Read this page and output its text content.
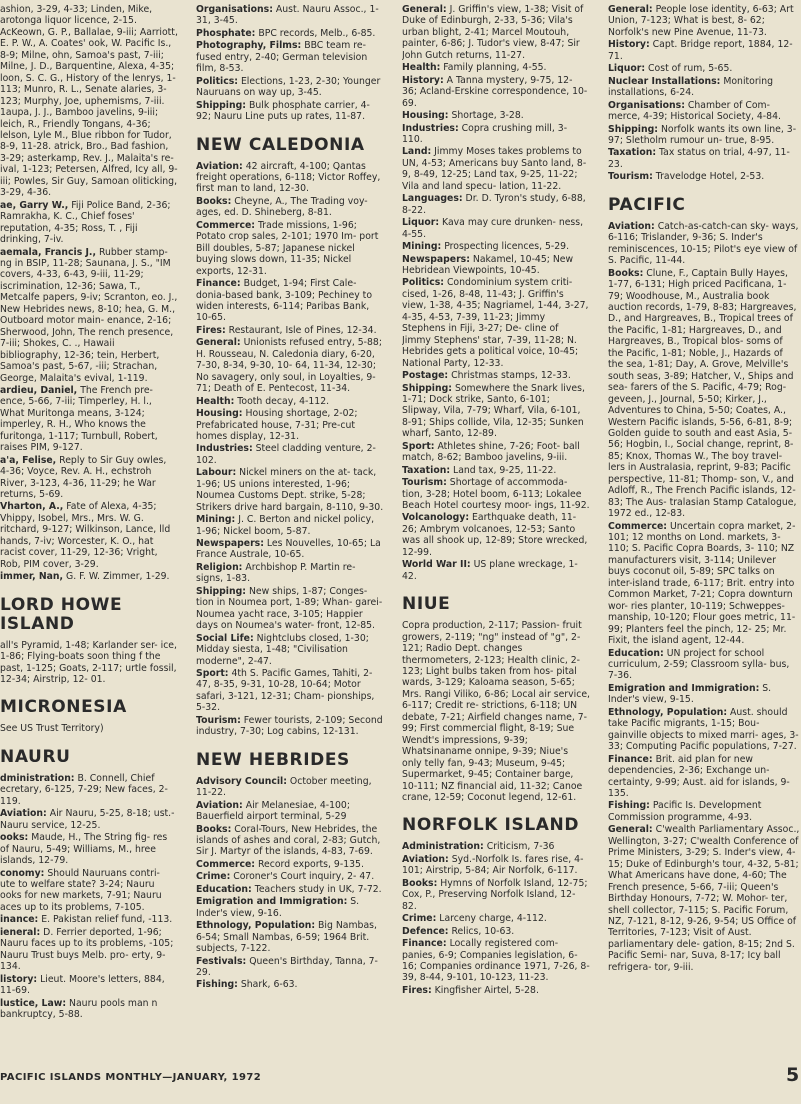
ashion, 3-29, 4-33; Linden, Mike, arotonga liquor licence, 2-15. AcKeown, G. P., Ballalae, 9-iii; Aarriott, E. P. W., A. Coates' ook, W. Pacific Is., 8-9; Milne, ohn, Samoa's past, 7-iii; Milne, J. D., Barquentine, Alexa, 4-35; loon, S. C. G., History of the lenrys, 1-113; Munro, R. L., Senate alaries, 3-123; Murphy, Joe, uphemisms, 7-iii. 1aupa, J. J., Bamboo javelins, 9-iii; leich, R., Friendly Tongans, 4-36; lelson, Lyle M., Blue ribbon for Tudor, 8-9, 11-28. atrick, Bro., Bad fashion, 3-29; asterkamp, Rev. J., Malaita's re- ival, 1-123; Petersen, Alfred, Icy all, 9-iii; Powles, Sir Guy, Samoan oliticking, 3-29, 4-36.

ae, Garry W., Fiji Police Band, 2-36; Ramrakha, K. C., Chief foses' reputation, 4-35; Ross, T. , Fiji drinking, 7-iv.

aemala, Francis J., Rubber stamp- ng in BSIP, 11-28; Saunana, J. S., "IM covers, 4-33, 6-43, 9-iii, 11-29; iscrimination, 12-36; Sawa, T., Metcalfe papers, 9-iv; Scranton, eo. J., New Hebrides news, 8-10; hea, G. M., Outboard motor main- enance, 2-16; Sherwood, John, The rench presence, 7-iii; Shokes, C. ., Hawaii bibliography, 12-36; tein, Herbert, Samoa's past, 5-67, -iii; Strachan, George, Malaita's evival, 1-119.

ardieu, Daniel, The French pre- ence, 5-66, 7-iii; Timperley, H. l., What Muritonga means, 3-124; imperley, R. H., Who knows the furitonga, 1-117; Turnbull, Robert, raises PIM, 9-127.

a'a, Felise, Reply to Sir Guy owles, 4-36; Voyce, Rev. A. H., echstroh River, 3-123, 4-36, 11-29; he War returns, 5-69.

Vharton, A., Fate of Alexa, 4-35; Vhippy, Isobel, Mrs., Mrs. W. G. ritchard, 9-127; Wilkinson, Lance, lld hands, 7-iv; Worcester, K. O., hat racist cover, 11-29, 12-36; Vright, Rob, PIM cover, 3-29.

immer, Nan, G. F. W. Zimmer, 1-29.

LORD HOWE ISLAND

all's Pyramid, 1-48; Karlander ser- ice, 1-86; Flying-boats soon thing f the past, 1-125; Goats, 2-117; urtle fossil, 12-34; Airstrip, 12- 01.

MICRONESIA

See US Trust Territory)

NAURU

dministration: B. Connell, Chief ecretary, 6-125, 7-29; New faces, 2-119.

Aviation: Air Nauru, 5-25, 8-18; ust.-Nauru service, 12-25.

ooks: Maude, H., The String fig- res of Nauru, 5-49; Williams, M., hree islands, 12-79.

conomy: Should Nauruans contri- ute to welfare state? 3-24; Nauru ooks for new markets, 7-91; Nauru aces up to its problems, 7-105.

inance: E. Pakistan relief fund, -113.

ieneral: D. Ferrier deported, 1-96; Nauru faces up to its problems, -105; Nauru Trust buys Melb. pro- erty, 9-134.

listory: Lieut. Moore's letters, 884, 11-69.

lustice, Law: Nauru pools man n bankruptcy, 5-88.

Organisations: Aust. Nauru Assoc., 1-31, 3-45.

Phosphate: BPC records, Melb., 6-85.

Photography, Films: BBC team re- fused entry, 2-40; German television film, 8-53.

Politics: Elections, 1-23, 2-30; Younger Nauruans on way up, 3-45.

Shipping: Bulk phosphate carrier, 4-92; Nauru Line puts up rates, 11-87.

NEW CALEDONIA

Aviation: 42 aircraft, 4-100; Qantas freight operations, 6-118; Victor Roffey, first man to land, 12-30.

Books: Cheyne, A., The Trading voy- ages, ed. D. Shineberg, 8-81.

Commerce: Trade missions, 1-96; Potato crop sales, 2-101; 1970 Im- port Bill doubles, 5-87; Japanese nickel buying slows down, 11-35; Nickel exports, 12-31.

Finance: Budget, 1-94; First Cale- donia-based bank, 3-109; Pechiney to widen interests, 6-114; Paribas Bank, 10-65.

Fires: Restaurant, Isle of Pines, 12-34.

General: Unionists refused entry, 5-88; H. Rousseau, N. Caledonia diary, 6-20, 7-30, 8-34, 9-30, 10- 64, 11-34, 12-30; No savagery, only soul, in Loyalties, 9-71; Death of E. Pentecost, 11-34.

Health: Tooth decay, 4-112.

Housing: Housing shortage, 2-02; Prefabricated house, 7-31; Pre-cut homes display, 12-31.

Industries: Steel cladding venture, 2-102.

Labour: Nickel miners on the at- tack, 1-96; US unions interested, 1-96; Noumea Customs Dept. strike, 5-28; Strikers drive hard bargain, 8-110, 9-30.

Mining: J. C. Berton and nickel policy, 1-96; Nickel boom, 5-87.

Newspapers: Les Nouvelles, 10-65; La France Australe, 10-65.

Religion: Archbishop P. Martin re- signs, 1-83.

Shipping: New ships, 1-87; Conges- tion in Noumea port, 1-89; Whan- garei-Noumea yacht race, 3-105; Happier days on Noumea's water- front, 12-85.

Social Life: Nightclubs closed, 1-30; Midday siesta, 1-48; "Civilisation moderne", 2-47.

Sport: 4th S. Pacific Games, Tahiti, 2-47, 8-35, 9-31, 10-28, 10-64; Motor safari, 3-121, 12-31; Cham- pionships, 5-32.

Tourism: Fewer tourists, 2-109; Second industry, 7-30; Log cabins, 12-131.

NEW HEBRIDES

Advisory Council: October meeting, 11-22.

Aviation: Air Melanesiae, 4-100; Bauerfield airport terminal, 5-29

Books: Coral-Tours, New Hebrides, the islands of ashes and coral, 2-83; Gutch, Sir J. Martyr of the islands, 4-83, 7-69.

Commerce: Record exports, 9-135.

Crime: Coroner's Court inquiry, 2- 47.

Education: Teachers study in UK, 7-72.

Emigration and Immigration: S. Inder's view, 9-16.

Ethnology, Population: Big Nambas, 6-54; Small Nambas, 6-59; 1964 Brit. subjects, 7-122.

Festivals: Queen's Birthday, Tanna, 7-29.

Fishing: Shark, 6-63.

General: J. Griffin's view, 1-38; Visit of Duke of Edinburgh, 2-33, 5-36; Vila's urban blight, 2-41; Marcel Moutouh, painter, 6-86; J. Tudor's view, 8-47; Sir John Gutch returns, 11-27.

Health: Family planning, 4-55.

History: A Tanna mystery, 9-75, 12- 36; Acland-Erskine correspondence, 10-69.

Housing: Shortage, 3-28.

Industries: Copra crushing mill, 3- 110.

Land: Jimmy Moses takes problems to UN, 4-53; Americans buy Santo land, 8-9, 8-49, 12-25; Land tax, 9-25, 11-22; Vila and land specu- lation, 11-22.

Languages: Dr. D. Tyron's study, 6-88, 8-22.

Liquor: Kava may cure drunken- ness, 4-55.

Mining: Prospecting licences, 5-29.

Newspapers: Nakamel, 10-45; New Hebridean Viewpoints, 10-45.

Politics: Condominium system criti- cised, 1-26, 8-48, 11-43; J. Griffin's view, 1-38, 4-35; Nagriamel, 1-44, 3-27, 4-35, 4-53, 7-39, 11-23; Jimmy Stephens in Fiji, 3-27; De- cline of Jimmy Stephens' star, 7-39, 11-28; N. Hebrides gets a political voice, 10-45; National Party, 12-33.

Postage: Christmas stamps, 12-33.

Shipping: Somewhere the Snark lives, 1-71; Dock strike, Santo, 6-101; Slipway, Vila, 7-79; Wharf, Vila, 6-101, 8-91; Ships collide, Vila, 12-35; Sunken wharf, Santo, 12-89.

Sport: Athletes shine, 7-26; Foot- ball match, 8-62; Bamboo javelins, 9-iii.

Taxation: Land tax, 9-25, 11-22.

Tourism: Shortage of accommoda- tion, 3-28; Hotel boom, 6-113; Lokalee Beach Hotel courtesy moor- ings, 11-92.

Volcanology: Earthquake death, 11- 26; Ambrym volcanoes, 12-53; Santo was all shook up, 12-89; Store wrecked, 12-99.

World War II: US plane wreckage, 1-42.

NIUE

Copra production, 2-117; Passion- fruit growers, 2-119; "ng" instead of "g", 2-121; Radio Dept. changes thermometers, 2-123; Health clinic, 2-123; Light bulbs taken from hos- pital wards, 3-129; Kaloama season, 5-65; Mrs. Rangi Viliko, 6-86; Local air service, 6-117; Credit re- strictions, 6-118; UN debate, 7-21; Airfield changes name, 7-99; First commercial flight, 8-19; Sue Wendt's impressions, 9-39; Whatsinaname onnipe, 9-39; Niue's only telly fan, 9-43; Museum, 9-45; Supermarket, 9-45; Container barge, 10-111; NZ financial aid, 11-32; Canoe crane, 12-59; Coconut legend, 12-61.

NORFOLK ISLAND

Administration: Criticism, 7-36

Aviation: Syd.-Norfolk Is. fares rise, 4-101; Airstrip, 5-84; Air Norfolk, 6-117.

Books: Hymns of Norfolk Island, 12-75; Cox, P., Preserving Norfolk Island, 12-82.

Crime: Larceny charge, 4-112.

Defence: Relics, 10-63.

Finance: Locally registered com- panies, 6-9; Companies legislation, 6-16; Companies ordinance 1971, 7-26, 8-39, 8-44, 9-101, 10-123, 11-23.

Fires: Kingfisher Airtel, 5-28.

General: People lose identity, 6-63; Art Union, 7-123; What is best, 8- 62; Norfolk's new Pine Avenue, 11-73.

History: Capt. Bridge report, 1884, 12-71.

Liquor: Cost of rum, 5-65.

Nuclear Installations: Monitoring installations, 6-24.

Organisations: Chamber of Com- merce, 4-39; Historical Society, 4-84.

Shipping: Norfolk wants its own line, 3-97; Sletholm rumour un- true, 8-95.

Taxation: Tax status on trial, 4-97, 11-23.

Tourism: Travelodge Hotel, 2-53.

PACIFIC

Aviation: Catch-as-catch-can sky- ways, 6-116; Trislander, 9-36; S. Inder's reminiscences, 10-15; Pilot's eye view of S. Pacific, 11-44.

Books: Clune, F., Captain Bully Hayes, 1-77, 6-131; High priced Pacificana, 1-79; Woodhouse, M., Australia book auction records, 1-79, 8-83; Hargreaves, D., and Hargreaves, B., Tropical trees of the Pacific, 1-81; Hargreaves, D., and Hargreaves, B., Tropical blos- soms of the Pacific, 1-81; Noble, J., Hazards of the sea, 1-81; Day, A. Grove, Melville's south seas, 3-89; Hatcher, V., Ships and sea- farers of the S. Pacific, 4-79; Rog- geveen, J., Journal, 5-50; Kirker, J., Adventures to China, 5-50; Coates, A., Western Pacific islands, 5-56, 6-81, 8-9; Golden guide to south and east Asia, 5-56; Hogbin, I., Social change, reprint, 8-85; Knox, Thomas W., The boy travel- lers in Australasia, reprint, 9-83; Pacific perspective, 11-81; Thomp- son, V., and Adloff, R., The French Pacific islands, 12-83; The Aus- tralasian Stamp Catalogue, 1972 ed., 12-83.

Commerce: Uncertain copra market, 2-101; 12 months on Lond. markets, 3-110; S. Pacific Copra Boards, 3- 110; NZ manufacturers visit, 3-114; Unilever buys coconut oil, 5-89; SPC talks on inter-island trade, 6-117; Brit. entry into Common Market, 7-21; Copra downturn wor- ries planter, 10-119; Schweppes- manship, 10-120; Flour goes metric, 11-99; Planters feel the pinch, 12- 25; Mr. Fixit, the island agent, 12-44.

Education: UN project for school curriculum, 2-59; Classroom sylla- bus, 7-36.

Emigration and Immigration: S. Inder's view, 9-15.

Ethnology, Population: Aust. should take Pacific migrants, 1-15; Bou- gainville objects to mixed marri- ages, 3-33; Computing Pacific populations, 7-27.

Finance: Brit. aid plan for new dependencies, 2-36; Exchange un- certainty, 9-99; Aust. aid for islands, 9-135.

Fishing: Pacific Is. Development Commission programme, 4-93.

General: C'wealth Parliamentary Assoc., Wellington, 3-27; C'wealth Conference of Prime Ministers, 3-29; S. Inder's view, 4-15; Duke of Edinburgh's tour, 4-32, 5-81; What Americans have done, 4-60; The French presence, 5-66, 7-iii; Queen's Birthday Honours, 7-72; W. Mohor- ter, shell collector, 7-115; S. Pacific Forum, NZ, 7-121, 8-12, 9-26, 9-54; US Office of Territories, 7-123; Visit of Aust. parliamentary dele- gation, 8-15; 2nd S. Pacific Semi- nar, Suva, 8-17; Icy ball refrigera- tor, 9-iii.

PACIFIC ISLANDS MONTHLY—JANUARY, 1972	5
